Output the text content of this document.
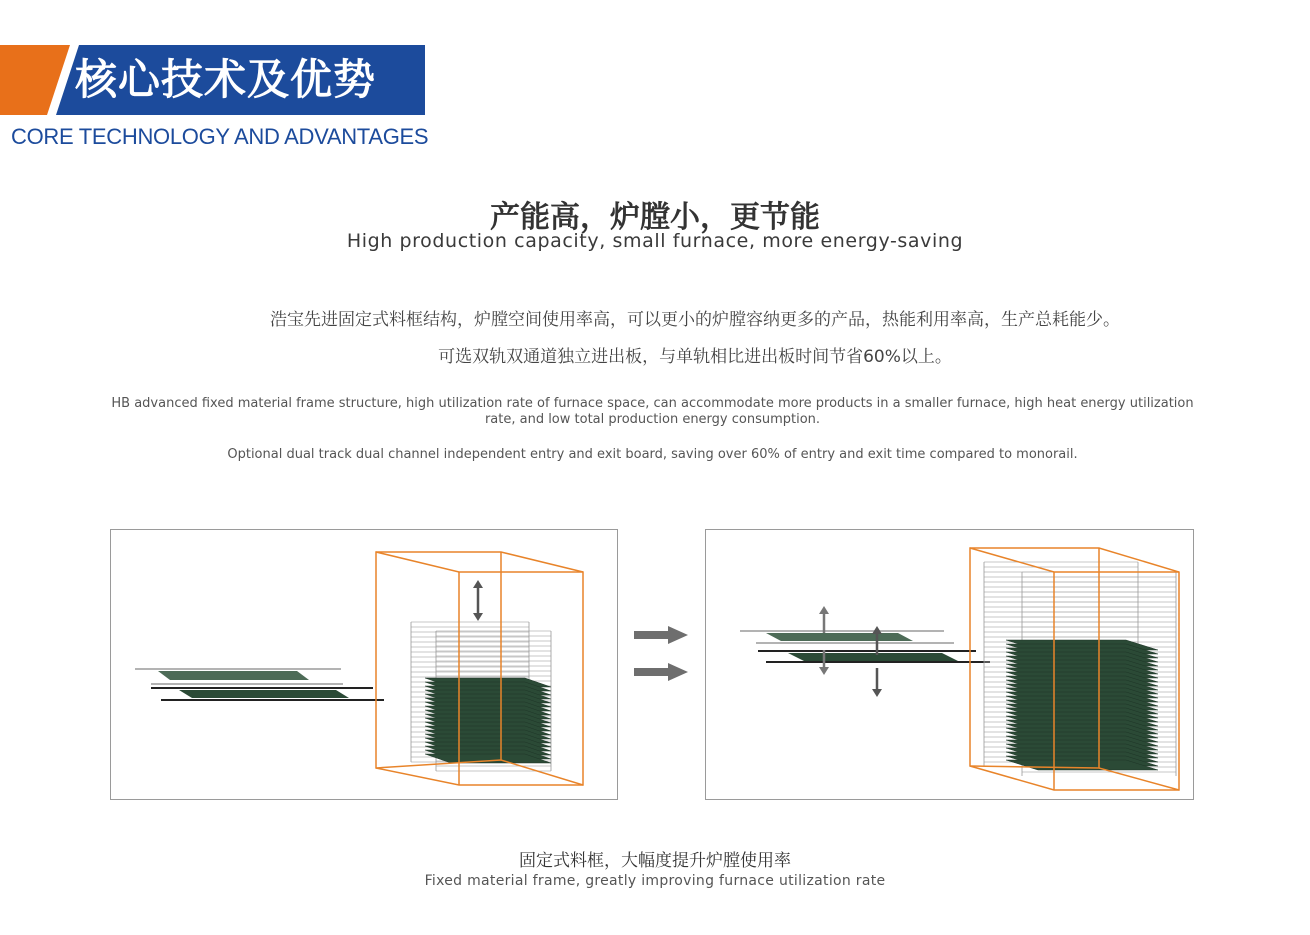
核心技术及优势
CORE TECHNOLOGY AND ADVANTAGES
产能高，炉膛小，更节能
High production capacity, small furnace, more energy-saving
浩宝先进固定式料框结构，炉膛空间使用率高，可以更小的炉膛容纳更多的产品，热能利用率高，生产总耗能少。
可选双轨双通道独立进出板，与单轨相比进出板时间节省60%以上。
HB advanced fixed material frame structure, high utilization rate of furnace space, can accommodate more products in a smaller furnace, high heat energy utilization rate, and low total production energy consumption.
Optional dual track dual channel independent entry and exit board, saving over 60% of entry and exit time compared to monorail.
固定式料框，大幅度提升炉膛使用率
Fixed material frame, greatly improving furnace utilization rate
